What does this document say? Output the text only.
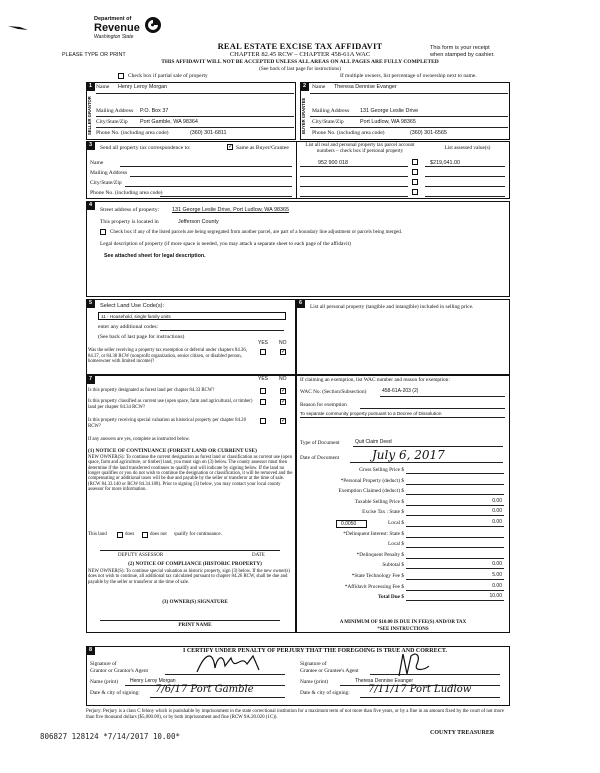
Department of
Revenue
Washington State
PLEASE TYPE OR PRINT
REAL ESTATE EXCISE TAX AFFIDAVIT
CHAPTER 82.45 RCW – CHAPTER 458-61A WAC
THIS AFFIDAVIT WILL NOT BE ACCEPTED UNLESS ALL AREAS ON ALL PAGES ARE FULLY COMPLETED
(See back of last page for instructions)
This form is your receipt
when stamped by cashier.
Check box if partial sale of property	If multiple owners, list percentage of ownership next to name.
1
SELLER GRANTOR
Name Henry Leroy Morgan
Mailing Address P.O. Box 37
City/State/Zip Port Gamble, WA 98364
Phone No. (including area code)	(360) 301-6811
2
BUYER GRANTEE
Name Theresa Dennise Evanger
Mailing Address 131 George Leslie Drive
City/State/Zip	Port Ludlow, WA 98365
Phone No. (including area code)	(360) 301-6565
3	Send all property tax correspondence to:	✓ Same as Buyer/Grantee
Name
Mailing Address
City/State/Zip
Phone No. (including area code)
List all real and personal property tax parcel account numbers – check box if personal property	List assessed value(s)
952 900 018	$219,041.00
4
Street address of property: 131 George Leslie Drive, Port Ludlow, WA 98365
This property is located in	Jefferson County
Check box if any of the listed parcels are being segregated from another parcel, are part of a boundary line adjustment or parcels being merged.
Legal description of property (if more space is needed, you may attach a separate sheet to each page of the affidavit)
See attached sheet for legal description.
5	Select Land Use Code(s):
11 - Household, single family units
enter any additional codes:
(See back of last page for instructions)
YES NO
Was the seller receiving a property tax exemption or deferral under chapters 84.36, 84.37, or 84.38 RCW (nonprofit organization, senior citizen, or disabled person, homeowner with limited income)?
✓
6
List all personal property (tangible and intangible) included in selling price.
7	YES NO
Is this property designated as forest land per chapter 84.33 RCW?	✓
Is this property classified as current use (open space, farm and agricultural, or timber) land per chapter 84.34 RCW?
✓
Is this property receiving special valuation as historical property per chapter 84.26 RCW?
✓
If any answers are yes, complete as instructed below.
(1) NOTICE OF CONTINUANCE (FOREST LAND OR CURRENT USE)
NEW OWNER(S): To continue the current designation as forest land or classification as current use (open space, farm and agriculture, or timber) land, you must sign on (3) below. The county assessor must then determine if the land transferred continues to qualify and will indicate by signing below. If the land no longer qualifies or you do not wish to continue the designation or classification, it will be removed and the compensating or additional taxes will be due and payable by the seller or transferor at the time of sale. (RCW 84.33.140 or RCW 84.34.108). Prior to signing (3) below, you may contact your local county assessor for more information.
This land	does	does not qualify for continuance.
DEPUTY ASSESSOR	DATE
(2) NOTICE OF COMPLIANCE (HISTORIC PROPERTY)
NEW OWNER(S): To continue special valuation as historic property, sign (3) below. If the new owner(s) does not wish to continue, all additional tax calculated pursuant to chapter 84.26 RCW, shall be due and payable by the seller or transferor at the time of sale.
(3) OWNER(S) SIGNATURE
PRINT NAME
If claiming an exemption, list WAC number and reason for exemption:
WAC No. (Section/Subsection)	458-61A-203 (2)
Reason for exemption
To separate community property pursuant to a Decree of Dissolution
Type of Document	Quit Claim Deed
Date of Document	July 6, 2017
Gross Selling Price $
*Personal Property (deduct) $
Exemption Claimed (deduct) $
Taxable Selling Price $	0.00
Excise Tax : State $	0.00
Local $	0.00
*Delinquent Interest: State $
Local $
*Delinquent Penalty $
Subtotal $	0.00
*State Technology Fee $	5.00
*Affidavit Processing Fee $	0.00
Total Due $	10.00
0.0050
A MINIMUM OF $10.00 IS DUE IN FEE(S) AND/OR TAX
*SEE INSTRUCTIONS
8	I CERTIFY UNDER PENALTY OF PERJURY THAT THE FOREGOING IS TRUE AND CORRECT.
Signature of
Grantor or Grantor's Agent
Name (print) Henry Leroy Morgan
Date & city of signing: 7/6/17 Port Gamble
Signature of
Grantee or Grantee's Agent
Name (print)	Theresa Dennise Evanger
Date & city of signing: 7/11/17 Port Ludlow
Perjury: Perjury is a class C felony which is punishable by imprisonment in the state correctional institution for a maximum term of not more than five years, or by a fine in an amount fixed by the court of not more than five thousand dollars ($5,000.00), or by both imprisonment and fine (RCW 9A.20.020 (1C)).
COUNTY TREASURER
806827 128124 *7/14/2017 10.00*
